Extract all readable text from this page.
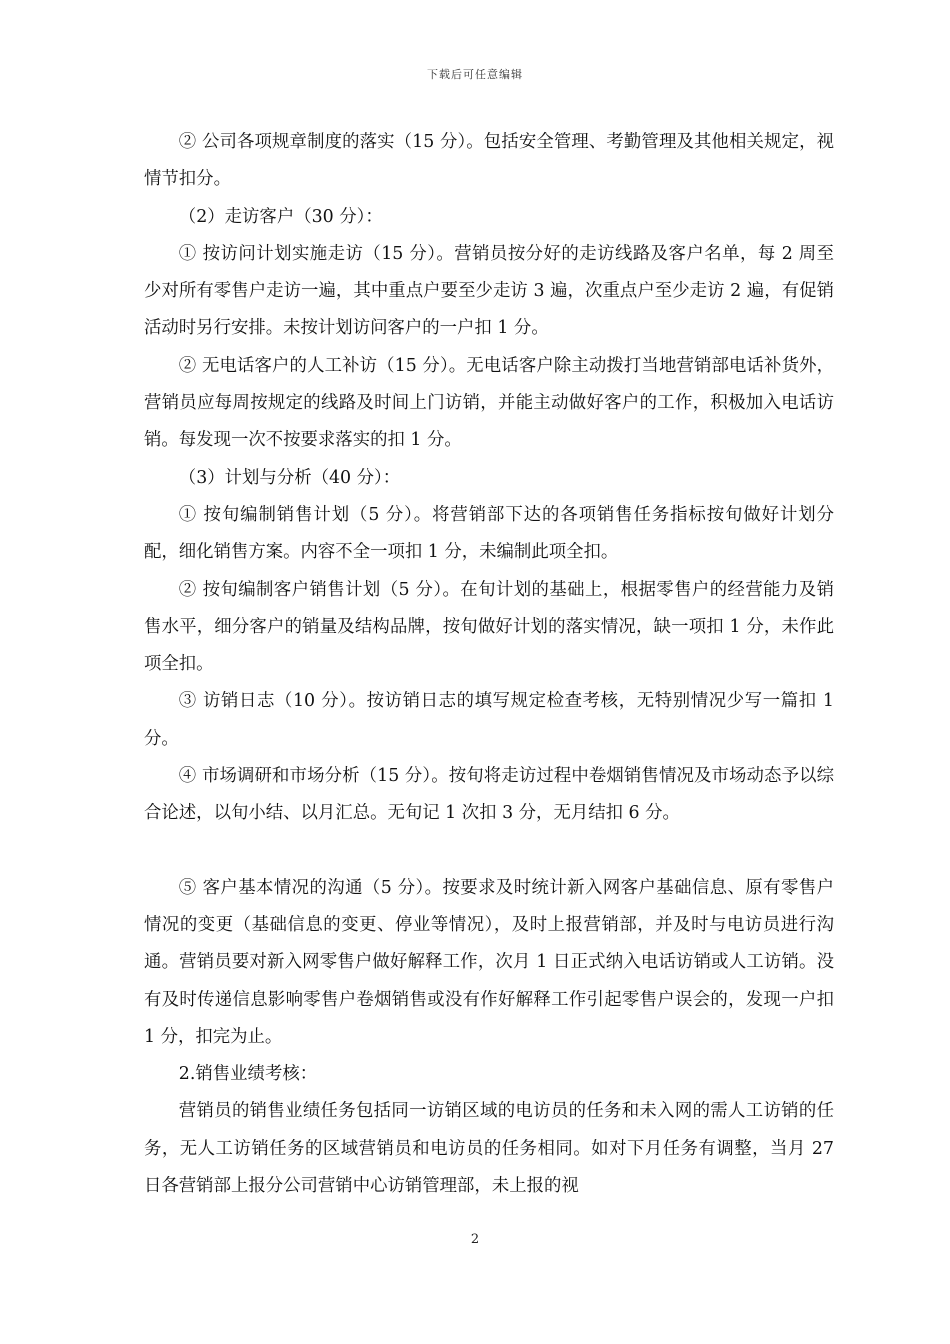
下载后可任意编辑

② 公司各项规章制度的落实（15 分）。包括安全管理、考勤管理及其他相关规定，视情节扣分。

（2）走访客户（30 分）：

① 按访问计划实施走访（15 分）。营销员按分好的走访线路及客户名单，每 2 周至少对所有零售户走访一遍，其中重点户要至少走访 3 遍，次重点户至少走访 2 遍，有促销活动时另行安排。未按计划访问客户的一户扣 1 分。

② 无电话客户的人工补访（15 分）。无电话客户除主动拨打当地营销部电话补货外，营销员应每周按规定的线路及时间上门访销，并能主动做好客户的工作，积极加入电话访销。每发现一次不按要求落实的扣 1 分。

（3）计划与分析（40 分）：

① 按旬编制销售计划（5 分）。将营销部下达的各项销售任务指标按旬做好计划分配，细化销售方案。内容不全一项扣 1 分，未编制此项全扣。

② 按旬编制客户销售计划（5 分）。在旬计划的基础上，根据零售户的经营能力及销售水平，细分客户的销量及结构品牌，按旬做好计划的落实情况，缺一项扣 1 分，未作此项全扣。

③ 访销日志（10 分）。按访销日志的填写规定检查考核，无特别情况少写一篇扣 1 分。

④ 市场调研和市场分析（15 分）。按旬将走访过程中卷烟销售情况及市场动态予以综合论述，以旬小结、以月汇总。无旬记 1 次扣 3 分，无月结扣 6 分。

⑤ 客户基本情况的沟通（5 分）。按要求及时统计新入网客户基础信息、原有零售户情况的变更（基础信息的变更、停业等情况），及时上报营销部，并及时与电访员进行沟通。营销员要对新入网零售户做好解释工作，次月 1 日正式纳入电话访销或人工访销。没有及时传递信息影响零售户卷烟销售或没有作好解释工作引起零售户误会的，发现一户扣 1 分，扣完为止。

2.销售业绩考核：

营销员的销售业绩任务包括同一访销区域的电访员的任务和未入网的需人工访销的任务，无人工访销任务的区域营销员和电访员的任务相同。如对下月任务有调整，当月 27 日各营销部上报分公司营销中心访销管理部，未上报的视

2
